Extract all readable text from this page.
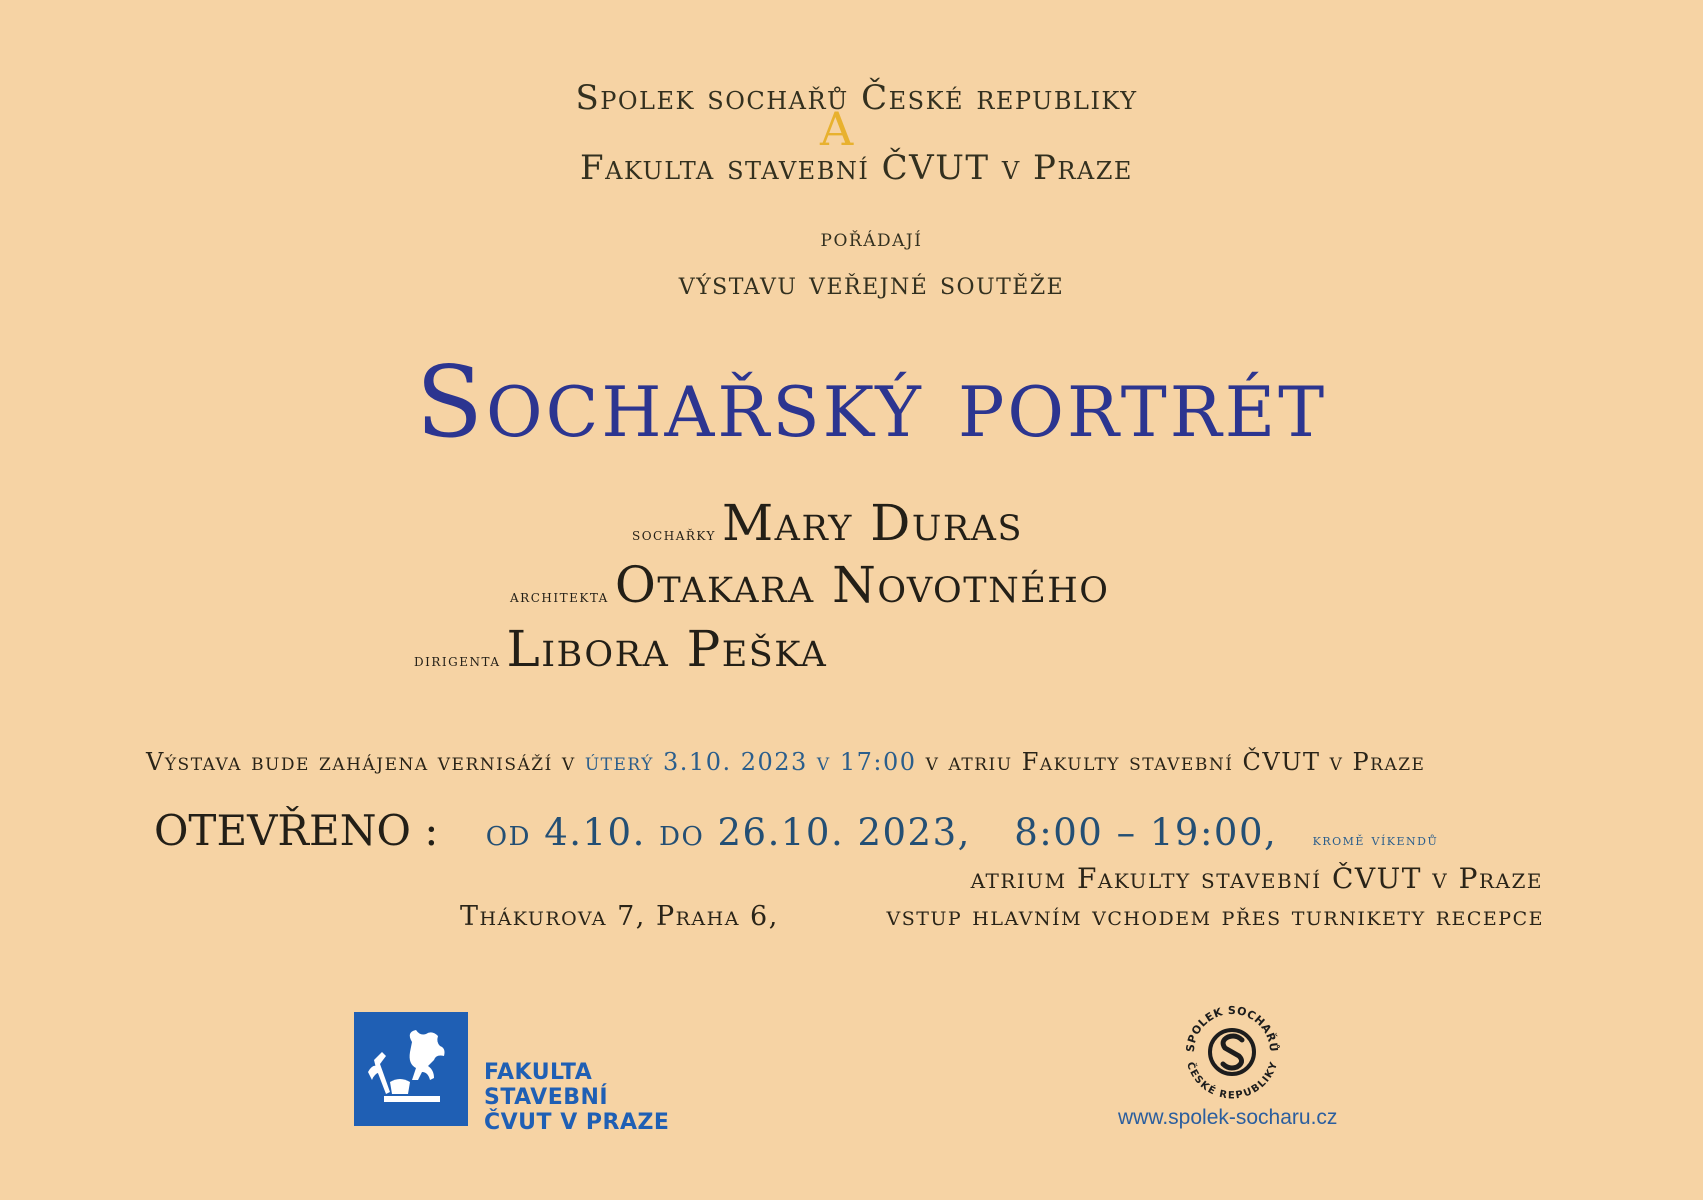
Spolek sochařů České republiky
A
Fakulta stavební ČVUT v Praze
pořádají
výstavu veřejné soutěže
Sochařský portrét
sochařky Mary Duras
architekta Otakara Novotného
dirigenta Libora Peška
Výstava bude zahájena vernisáží v úterý 3.10. 2023 v 17:00 v atriu Fakulty stavební ČVUT v Praze
OTEVŘENO : od 4.10. do 26.10. 2023, 8:00 – 19:00, kromě víkendů
atrium Fakulty stavební ČVUT v Praze
Thákurova 7, Praha 6,	vstup hlavním vchodem přes turnikety recepce
FAKULTA
STAVEBNÍ
ČVUT V PRAZE
SPOLEK SOCHAŘŮ
ČESKÉ REPUBLIKY
www.spolek-socharu.cz
